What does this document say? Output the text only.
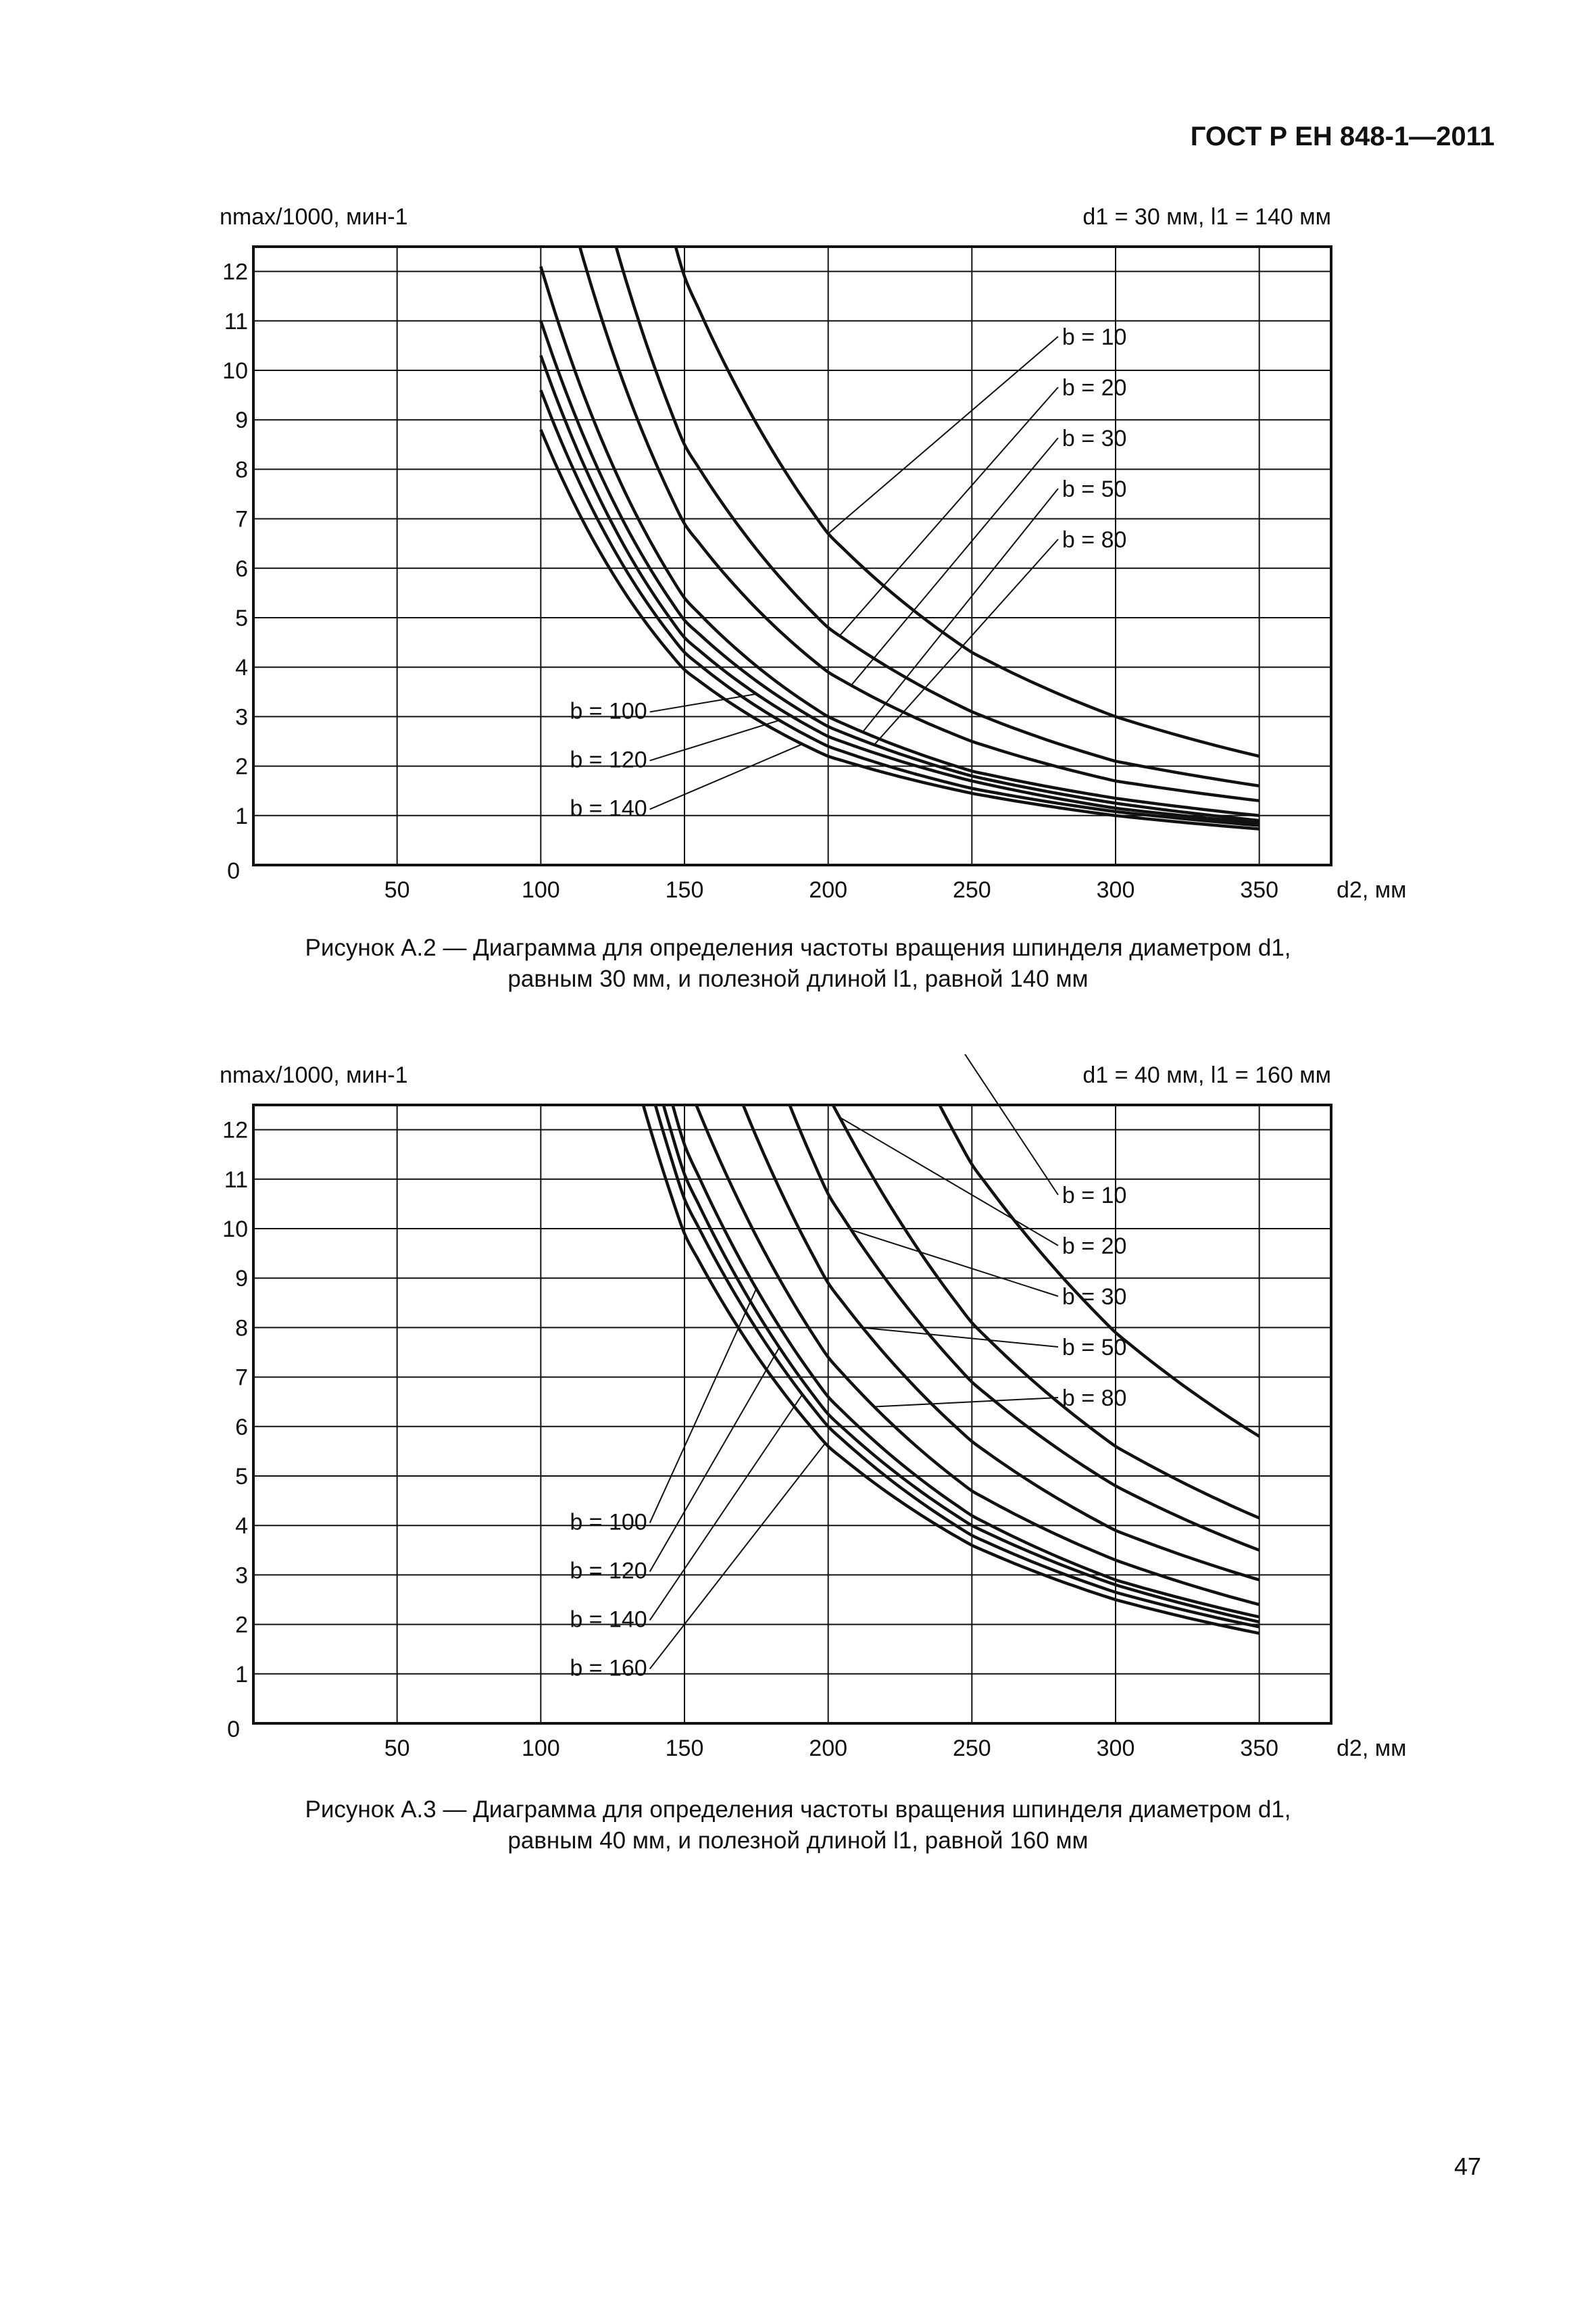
ГОСТ Р ЕН 848-1—2011
50	100	150	200	250	300	350
1
2
3
4
5
6
7
8
9
10
11
12
0
nmax/1000, мин-1
d2, мм
d1 = 30 мм, l1 = 140 мм
b = 10
b = 20
b = 30
b = 50
b = 80
b = 100
b = 120
b = 140
Рисунок А.2 — Диаграмма для определения частоты вращения шпинделя диаметром d1,
равным 30 мм, и полезной длиной l1, равной 140 мм
50	100	150	200	250	300	350
1
2
3
4
5
6
7
8
9
10
11
12
0
nmax/1000, мин-1
d2, мм
d1 = 40 мм, l1 = 160 мм
b = 10
b = 20
b = 30
b = 50
b = 80
b = 100
b = 120
b = 140
b = 160
Рисунок А.3 — Диаграмма для определения частоты вращения шпинделя диаметром d1,
равным 40 мм, и полезной длиной l1, равной 160 мм
47
